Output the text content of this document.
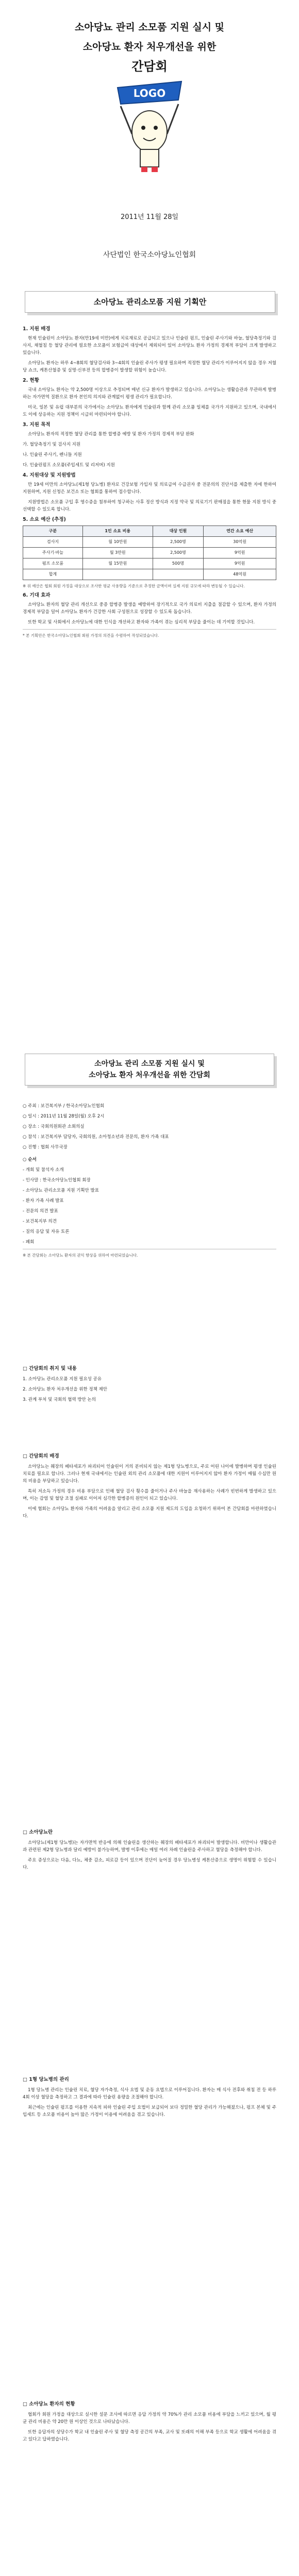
소아당뇨 관리 소모품 지원 실시 및
소아당뇨 환자 처우개선을 위한
간담회
LOGO
2011년 11월 28일
사단법인 한국소아당뇨인협회
소아당뇨 관리소모품 지원 기획안
1. 지원 배경
현재 인슐린이 소아당뇨 환자(만19세 미만)에게 치료재료로 공급되고 있으나 인슐린 펌프, 인슐린 주사기와 바늘, 혈당측정기와 검사지, 채혈침 등 혈당 관리에 필요한 소모품이 보험급여 대상에서 제외되어 있어 소아당뇨 환자 가정의 경제적 부담이 크게 발생하고 있습니다.
소아당뇨 환자는 하루 4~8회의 혈당검사와 3~4회의 인슐린 주사가 평생 필요하며 적정한 혈당 관리가 이루어지지 않을 경우 저혈당 쇼크, 케톤산혈증 및 실명·신부전 등의 합병증이 발생할 위험이 높습니다.
2. 현황
국내 소아당뇨 환자는 약 2,500명 이상으로 추정되며 매년 신규 환자가 발생하고 있습니다. 소아당뇨는 생활습관과 무관하게 발병하는 자가면역 질환으로 환자 본인의 의지와 관계없이 평생 관리가 필요합니다.
미국, 일본 및 유럽 대부분의 국가에서는 소아당뇨 환자에게 인슐린과 함께 관리 소모품 일체를 국가가 지원하고 있으며, 국내에서도 이에 상응하는 지원 정책이 시급히 마련되어야 합니다.
3. 지원 목적
소아당뇨 환자의 적정한 혈당 관리를 통한 합병증 예방 및 환자 가정의 경제적 부담 완화
가. 혈당측정기 및 검사지 지원
나. 인슐린 주사기, 펜니들 지원
다. 인슐린펌프 소모품(주입세트 및 리저버) 지원
4. 지원대상 및 지원방법
만 19세 미만의 소아당뇨(제1형 당뇨병) 환자로 건강보험 가입자 및 의료급여 수급권자 중 전문의의 진단서를 제출한 자에 한하여 지원하며, 지원 신청은 보건소 또는 협회를 통하여 접수합니다.
지원방법은 소모품 구입 후 영수증을 첨부하여 청구하는 사후 정산 방식과 지정 약국 및 의료기기 판매점을 통한 현물 지원 방식 중 선택할 수 있도록 합니다.
5. 소요 예산 (추정)
구분	1인 소요 비용	대상 인원	연간 소요 예산
검사지	월 10만원	2,500명	30억원
주사기·바늘	월 3만원	2,500명	9억원
펌프 소모품	월 15만원	500명	9억원
합계			48억원
※ 위 예산은 협회 회원 가정을 대상으로 조사한 평균 사용량을 기준으로 추정한 금액이며 실제 지원 규모에 따라 변동될 수 있습니다.
6. 기대 효과
소아당뇨 환자의 혈당 관리 개선으로 중증 합병증 발생을 예방하여 장기적으로 국가 의료비 지출을 절감할 수 있으며, 환자 가정의 경제적 부담을 덜어 소아당뇨 환자가 건강한 사회 구성원으로 성장할 수 있도록 돕습니다.
또한 학교 및 사회에서 소아당뇨에 대한 인식을 개선하고 환자와 가족이 겪는 심리적 부담을 줄이는 데 기여할 것입니다.
* 본 기획안은 한국소아당뇨인협회 회원 가정의 의견을 수렴하여 작성되었습니다.
소아당뇨 관리 소모품 지원 실시 및
소아당뇨 환자 처우개선을 위한 간담회
○ 주최 : 보건복지부 / 한국소아당뇨인협회
○ 일시 : 2011년 11월 28일(월) 오후 2시
○ 장소 : 국회의원회관 소회의실
○ 참석 : 보건복지부 담당자, 국회의원, 소아청소년과 전문의, 환자 가족 대표
○ 진행 : 협회 사무국장
○ 순서
- 개회 및 참석자 소개
- 인사말 : 한국소아당뇨인협회 회장
- 소아당뇨 관리소모품 지원 기획안 발표
- 환자 가족 사례 발표
- 전문의 의견 발표
- 보건복지부 의견
- 질의 응답 및 자유 토론
- 폐회
※ 본 간담회는 소아당뇨 환자의 권익 향상을 위하여 마련되었습니다.
□ 간담회의 취지 및 내용
1. 소아당뇨 관리소모품 지원 필요성 공유
2. 소아당뇨 환자 처우개선을 위한 정책 제안
3. 관계 부처 및 국회의 협력 방안 논의
□ 간담회의 배경
소아당뇨는 췌장의 베타세포가 파괴되어 인슐린이 거의 분비되지 않는 제1형 당뇨병으로, 주로 어린 나이에 발병하며 평생 인슐린 치료를 필요로 합니다. 그러나 현재 국내에서는 인슐린 외의 관리 소모품에 대한 지원이 이루어지지 않아 환자 가정이 매월 수십만 원의 비용을 부담하고 있습니다.
특히 저소득 가정의 경우 비용 부담으로 인해 혈당 검사 횟수를 줄이거나 주사 바늘을 재사용하는 사례가 빈번하게 발생하고 있으며, 이는 감염 및 혈당 조절 실패로 이어져 심각한 합병증의 원인이 되고 있습니다.
이에 협회는 소아당뇨 환자와 가족의 어려움을 알리고 관리 소모품 지원 제도의 도입을 요청하기 위하여 본 간담회를 마련하였습니다.
□ 소아당뇨란
소아당뇨(제1형 당뇨병)는 자가면역 반응에 의해 인슐린을 생산하는 췌장의 베타세포가 파괴되어 발생합니다. 비만이나 생활습관과 관련된 제2형 당뇨병과 달리 예방이 불가능하며, 발병 이후에는 매일 여러 차례 인슐린을 주사하고 혈당을 측정해야 합니다.
주요 증상으로는 다음, 다뇨, 체중 감소, 피로감 등이 있으며 진단이 늦어질 경우 당뇨병성 케톤산증으로 생명이 위험할 수 있습니다.
□ 1형 당뇨병의 관리
1형 당뇨병 관리는 인슐린 치료, 혈당 자가측정, 식사 요법 및 운동 요법으로 이루어집니다. 환자는 매 식사 전후와 취침 전 등 하루 4회 이상 혈당을 측정하고 그 결과에 따라 인슐린 용량을 조절해야 합니다.
최근에는 인슐린 펌프를 이용한 지속적 피하 인슐린 주입 요법이 보급되어 보다 정밀한 혈당 관리가 가능해졌으나, 펌프 본체 및 주입세트 등 소모품 비용이 높아 많은 가정이 이용에 어려움을 겪고 있습니다.
□ 소아당뇨 환자의 현황
협회가 회원 가정을 대상으로 실시한 설문 조사에 따르면 응답 가정의 약 70%가 관리 소모품 비용에 부담을 느끼고 있으며, 월 평균 관리 비용은 약 20만 원 이상인 것으로 나타났습니다.
또한 응답자의 상당수가 학교 내 인슐린 주사 및 혈당 측정 공간의 부족, 교사 및 또래의 이해 부족 등으로 학교 생활에 어려움을 겪고 있다고 답하였습니다.
